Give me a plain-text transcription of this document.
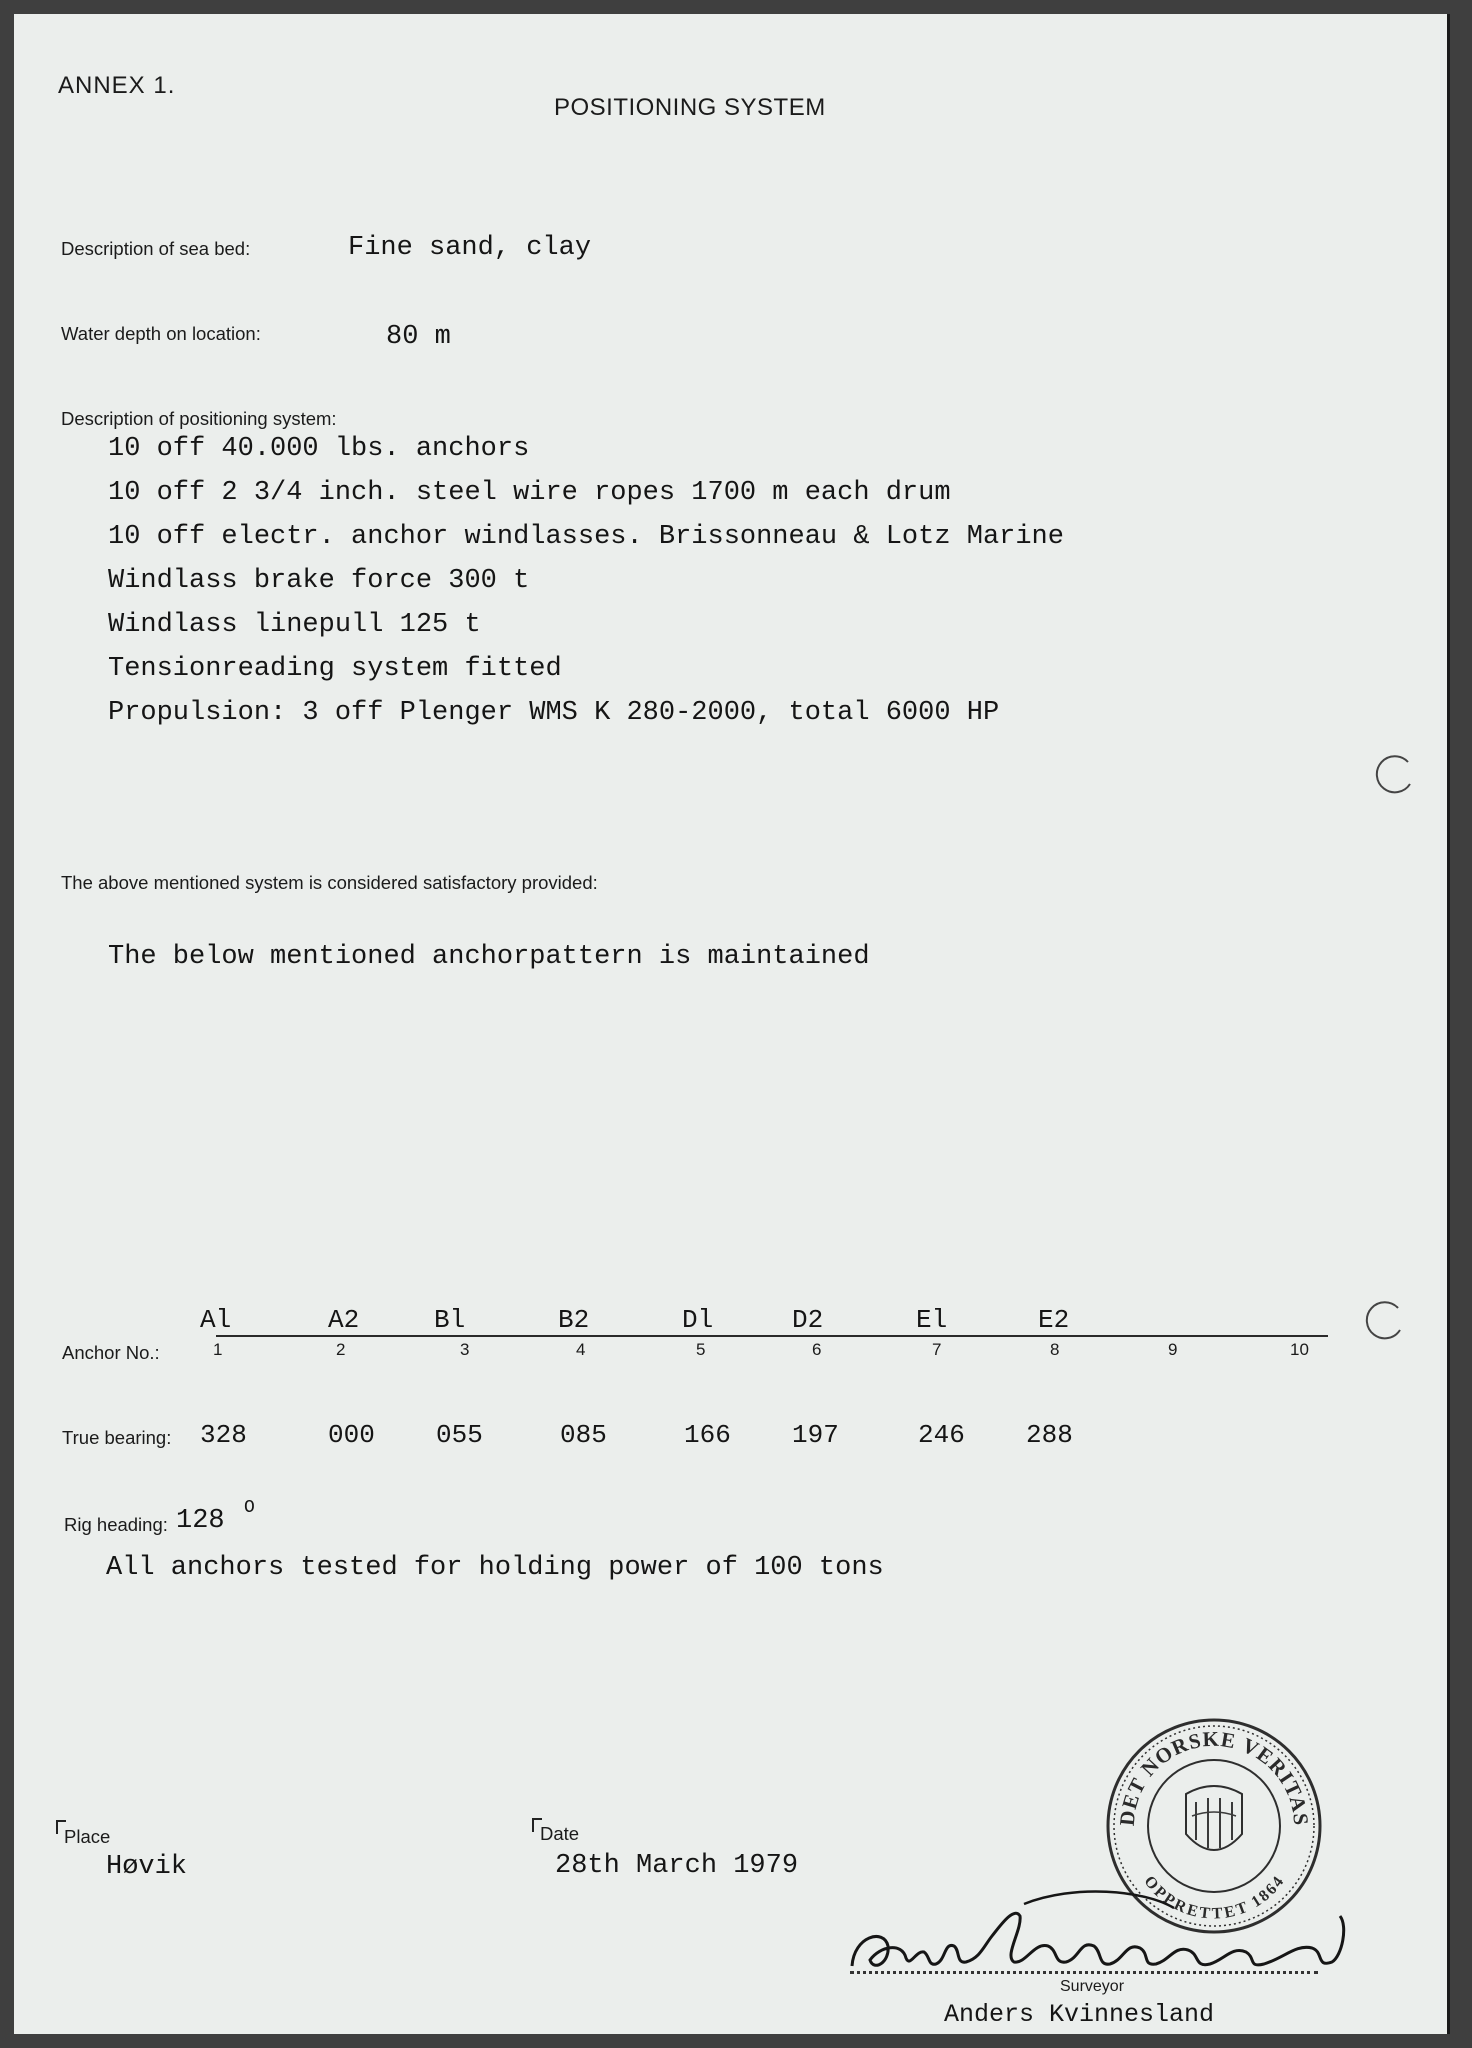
ANNEX 1.
POSITIONING SYSTEM
Description of sea bed:	Fine sand, clay
Water depth on location:	80 m
Description of positioning system:
10 off 40.000 lbs. anchors
10 off 2 3/4 inch. steel wire ropes 1700 m each drum
10 off electr. anchor windlasses. Brissonneau & Lotz Marine
Windlass brake force 300 t
Windlass linepull 125 t
Tensionreading system fitted
Propulsion: 3 off Plenger WMS K 280-2000, total 6000 HP
The above mentioned system is considered satisfactory provided:
The below mentioned anchorpattern is maintained
Al	A2	Bl	B2	Dl	D2	El	E2
Anchor No.:	1	2	3	4	5	6	7	8	9	10
True bearing: 328	000 055	085	166 197	246 288
Rig heading: 128 O
All anchors tested for holding power of 100 tons
Place
Høvik
Date
28th March 1979
DET NORSKE VERITAS
OPPRETTET 1864
Surveyor
Anders Kvinnesland
